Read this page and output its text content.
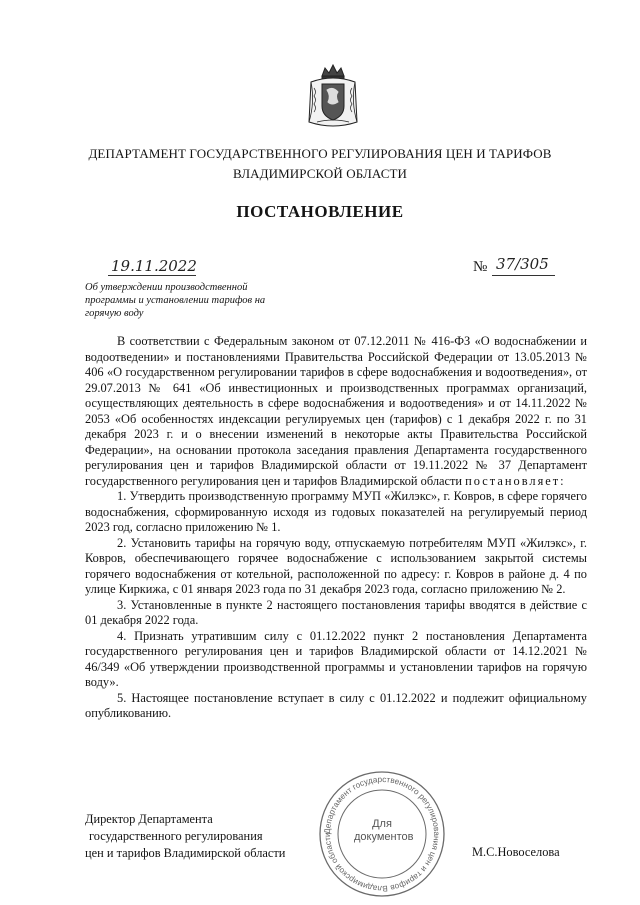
ДЕПАРТАМЕНТ ГОСУДАРСТВЕННОГО РЕГУЛИРОВАНИЯ ЦЕН И ТАРИФОВ
ВЛАДИМИРСКОЙ ОБЛАСТИ
ПОСТАНОВЛЕНИЕ
19.11.2022	№ 37/305
Об утверждении производственной программы и установлении тарифов на горячую воду

В соответствии с Федеральным законом от 07.12.2011 № 416-ФЗ «О водоснабжении и водоотведении» и постановлениями Правительства Российской Федерации от 13.05.2013 № 406 «О государственном регулировании тарифов в сфере водоснабжения и водоотведения», от 29.07.2013 № 641 «Об инвестиционных и производственных программах организаций, осуществляющих деятельность в сфере водоснабжения и водоотведения» и от 14.11.2022 № 2053 «Об особенностях индексации регулируемых цен (тарифов) с 1 декабря 2022 г. по 31 декабря 2023 г. и о внесении изменений в некоторые акты Правительства Российской Федерации», на основании протокола заседания правления Департамента государственного регулирования цен и тарифов Владимирской области от 19.11.2022 № 37 Департамент государственного регулирования цен и тарифов Владимирской области постановляет:

1. Утвердить производственную программу МУП «Жилэкс», г. Ковров, в сфере горячего водоснабжения, сформированную исходя из годовых показателей на регулируемый период 2023 год, согласно приложению № 1.

2. Установить тарифы на горячую воду, отпускаемую потребителям МУП «Жилэкс», г. Ковров, обеспечивающего горячее водоснабжение с использованием закрытой системы горячего водоснабжения от котельной, расположенной по адресу: г. Ковров в районе д. 4 по улице Киркижа, с 01 января 2023 года по 31 декабря 2023 года, согласно приложению № 2.

3. Установленные в пункте 2 настоящего постановления тарифы вводятся в действие с 01 декабря 2022 года.

4. Признать утратившим силу с 01.12.2022 пункт 2 постановления Департамента государственного регулирования цен и тарифов Владимирской области от 14.12.2021 № 46/349 «Об утверждении производственной программы и установлении тарифов на горячую воду».

5. Настоящее постановление вступает в силу с 01.12.2022 и подлежит официальному опубликованию.

Директор Департамента
государственного регулирования
цен и тарифов Владимирской области	М.С.Новоселова
Департамент государственного регулирования цен и тарифов Владимирской области
Для
документов
